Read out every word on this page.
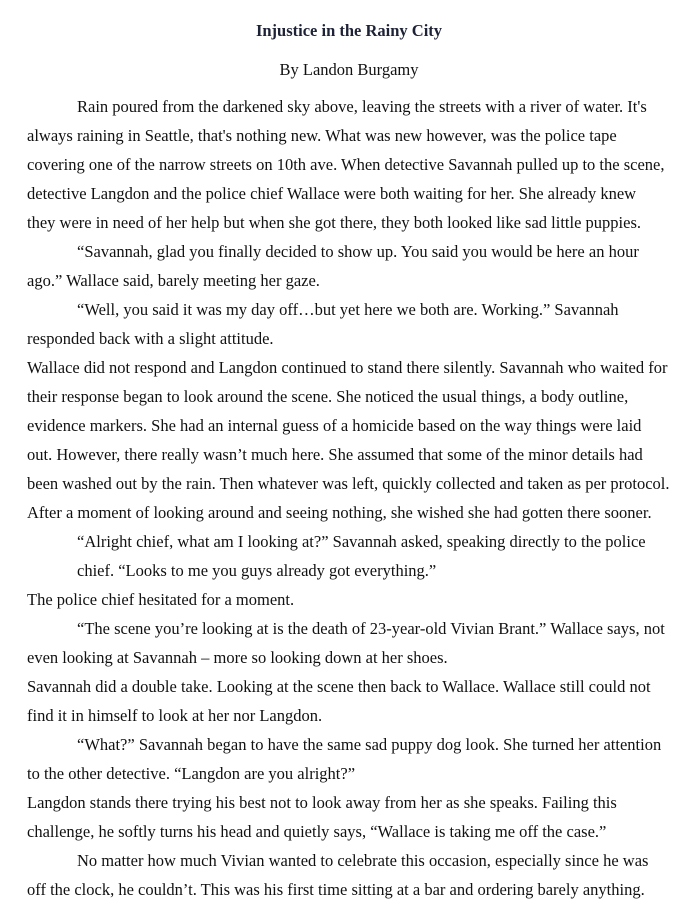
Injustice in the Rainy City

By Landon Burgamy

Rain poured from the darkened sky above, leaving the streets with a river of water. It's

always raining in Seattle, that's nothing new. What was new however, was the police tape

covering one of the narrow streets on 10th ave. When detective Savannah pulled up to the scene,

detective Langdon and the police chief Wallace were both waiting for her. She already knew

they were in need of her help but when she got there, they both looked like sad little puppies.

“Savannah, glad you finally decided to show up. You said you would be here an hour

ago.” Wallace said, barely meeting her gaze.

“Well, you said it was my day off…but yet here we both are. Working.” Savannah

responded back with a slight attitude.

Wallace did not respond and Langdon continued to stand there silently. Savannah who waited for

their response began to look around the scene. She noticed the usual things, a body outline,

evidence markers. She had an internal guess of a homicide based on the way things were laid

out. However, there really wasn’t much here. She assumed that some of the minor details had

been washed out by the rain. Then whatever was left, quickly collected and taken as per protocol.

After a moment of looking around and seeing nothing, she wished she had gotten there sooner.

“Alright chief, what am I looking at?” Savannah asked, speaking directly to the police

chief. “Looks to me you guys already got everything.”

The police chief hesitated for a moment.

“The scene you’re looking at is the death of 23-year-old Vivian Brant.” Wallace says, not

even looking at Savannah – more so looking down at her shoes.

Savannah did a double take. Looking at the scene then back to Wallace. Wallace still could not

find it in himself to look at her nor Langdon.

“What?” Savannah began to have the same sad puppy dog look. She turned her attention

to the other detective. “Langdon are you alright?”

Langdon stands there trying his best not to look away from her as she speaks. Failing this

challenge, he softly turns his head and quietly says, “Wallace is taking me off the case.”

No matter how much Vivian wanted to celebrate this occasion, especially since he was

off the clock, he couldn’t. This was his first time sitting at a bar and ordering barely anything.
